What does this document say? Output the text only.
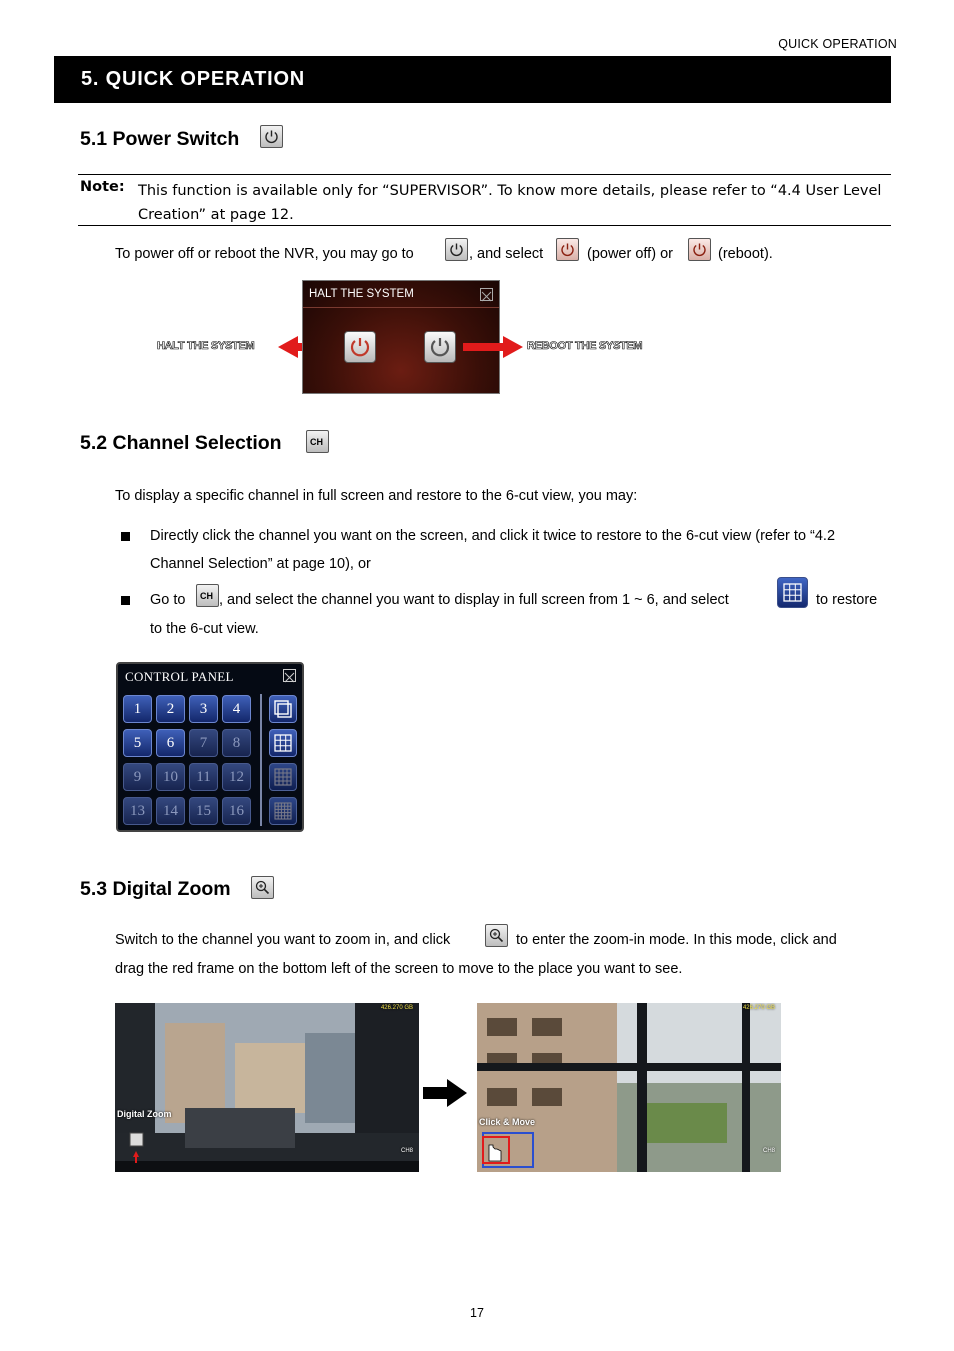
QUICK OPERATION
5. QUICK OPERATION
5.1 Power Switch
Note: This function is available only for “SUPERVISOR”. To know more details, please refer to “4.4 User Level Creation” at page 12.
To power off or reboot the NVR, you may go to	, and select	(power off) or	(reboot).
HALT THE SYSTEM
HALT THE SYSTEM
REBOOT THE SYSTEM
5.2 Channel Selection	CH
To display a specific channel in full screen and restore to the 6-cut view, you may:
Directly click the channel you want on the screen, and click it twice to restore to the 6-cut view (refer to “4.2
Channel Selection” at page 10), or
Go to CH , and select the channel you want to display in full screen from 1 ~ 6, and select	to restore
to the 6-cut view.
CONTROL PANEL
1	2	3	4
5	6	7	8
9	10	11	12
13	14	15	16
5.3 Digital Zoom
Switch to the channel you want to zoom in, and click	to enter the zoom-in mode. In this mode, click and
drag the red frame on the bottom left of the screen to move to the place you want to see.
Digital Zoom
426.270 GB
CH8
Click & Move
426.270 GB
CH8
17
